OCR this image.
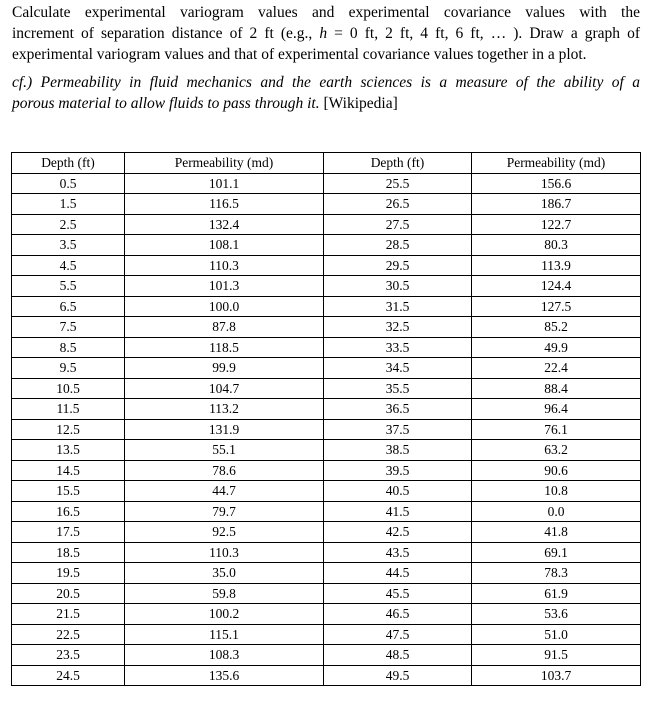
Calculate experimental variogram values and experimental covariance values with the
increment of separation distance of 2 ft (e.g., h = 0 ft, 2 ft, 4 ft, 6 ft, … ). Draw a graph of
experimental variogram values and that of experimental covariance values together in a plot.
cf.) Permeability in fluid mechanics and the earth sciences is a measure of the ability of a
porous material to allow fluids to pass through it. [Wikipedia]
Depth (ft)	Permeability (md)	Depth (ft)	Permeability (md)
0.5	101.1	25.5	156.6
1.5	116.5	26.5	186.7
2.5	132.4	27.5	122.7
3.5	108.1	28.5	80.3
4.5	110.3	29.5	113.9
5.5	101.3	30.5	124.4
6.5	100.0	31.5	127.5
7.5	87.8	32.5	85.2
8.5	118.5	33.5	49.9
9.5	99.9	34.5	22.4
10.5	104.7	35.5	88.4
11.5	113.2	36.5	96.4
12.5	131.9	37.5	76.1
13.5	55.1	38.5	63.2
14.5	78.6	39.5	90.6
15.5	44.7	40.5	10.8
16.5	79.7	41.5	0.0
17.5	92.5	42.5	41.8
18.5	110.3	43.5	69.1
19.5	35.0	44.5	78.3
20.5	59.8	45.5	61.9
21.5	100.2	46.5	53.6
22.5	115.1	47.5	51.0
23.5	108.3	48.5	91.5
24.5	135.6	49.5	103.7
